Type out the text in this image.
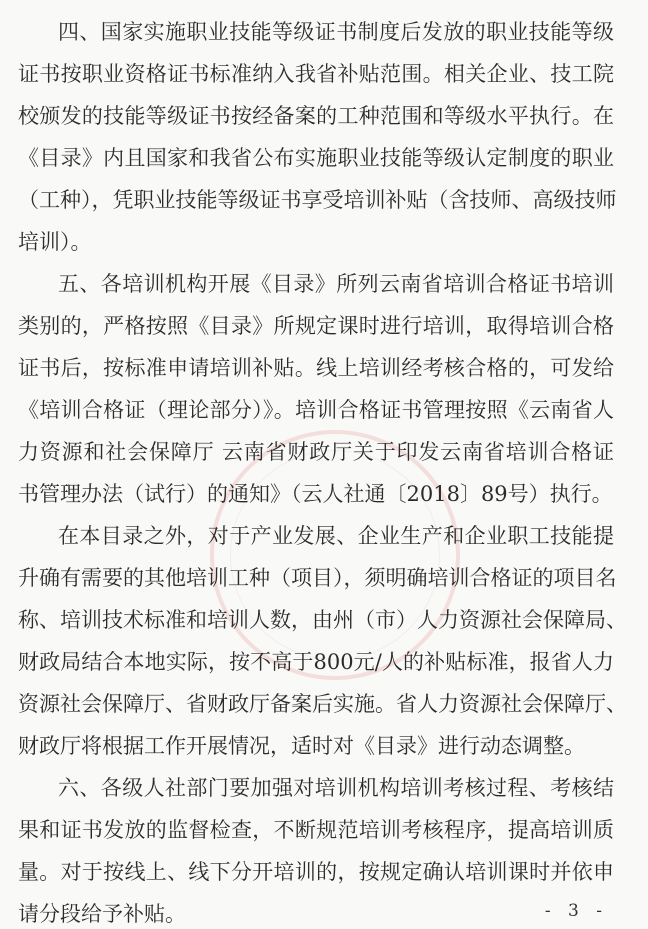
四、国家实施职业技能等级证书制度后发放的职业技能等级
证书按职业资格证书标准纳入我省补贴范围。相关企业、技工院
校颁发的技能等级证书按经备案的工种范围和等级水平执行。在
《目录》内且国家和我省公布实施职业技能等级认定制度的职业
（工种），凭职业技能等级证书享受培训补贴（含技师、高级技师
培训）。
五、各培训机构开展《目录》所列云南省培训合格证书培训
类别的，严格按照《目录》所规定课时进行培训，取得培训合格
证书后，按标准申请培训补贴。线上培训经考核合格的，可发给
《培训合格证（理论部分）》。培训合格证书管理按照《云南省人
力资源和社会保障厅 云南省财政厅关于印发云南省培训合格证
书管理办法（试行）的通知》（云人社通〔2018〕89号）执行。
在本目录之外，对于产业发展、企业生产和企业职工技能提
升确有需要的其他培训工种（项目），须明确培训合格证的项目名
称、培训技术标准和培训人数，由州（市）人力资源社会保障局、
财政局结合本地实际，按不高于800元/人的补贴标准，报省人力
资源社会保障厅、省财政厅备案后实施。省人力资源社会保障厅、
财政厅将根据工作开展情况，适时对《目录》进行动态调整。
六、各级人社部门要加强对培训机构培训考核过程、考核结
果和证书发放的监督检查，不断规范培训考核程序，提高培训质
- 3 -
量。对于按线上、线下分开培训的，按规定确认培训课时并依申
请分段给予补贴。
